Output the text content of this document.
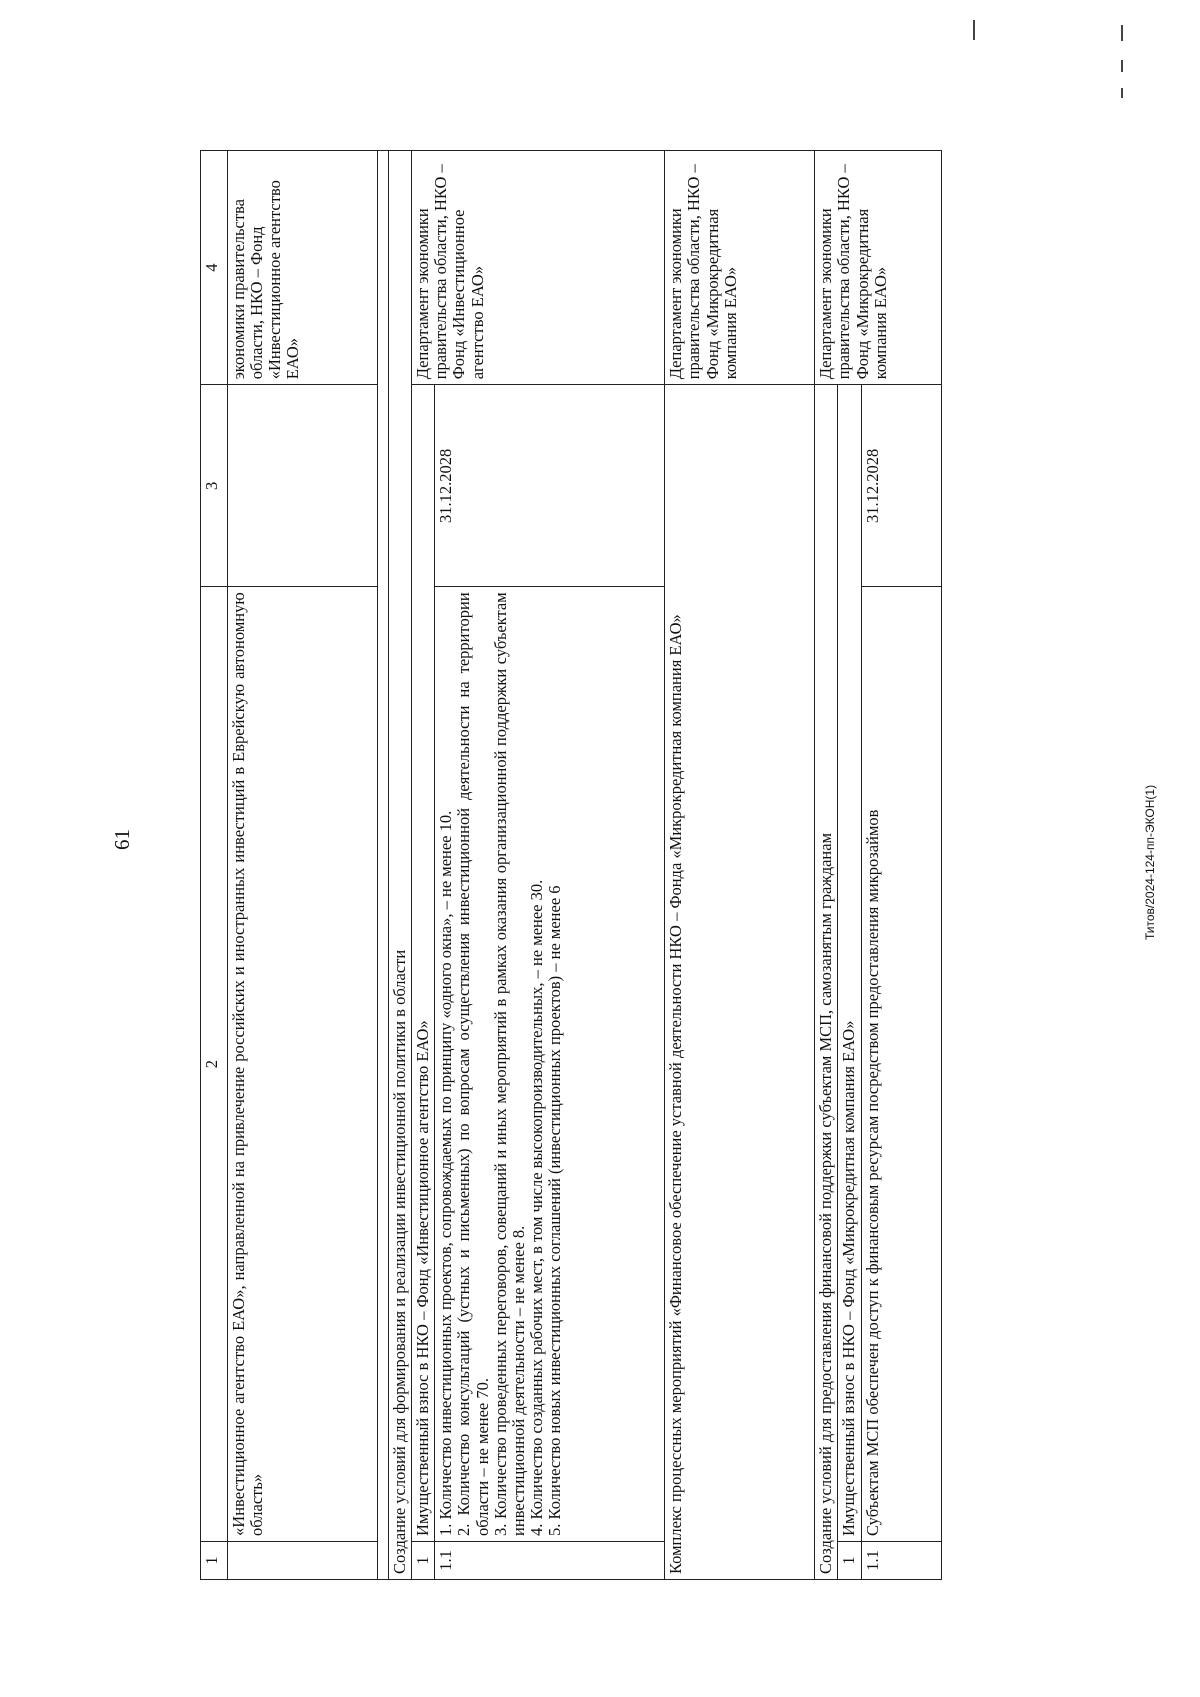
61	Титов/2024-124-пп-ЭКОН(1)
1	2	3	4
	«Инвестиционное агентство ЕАО», направленной на привлечение российских и иностранных инвестиций в Еврейскую автономную область»		экономики правительства области, НКО – Фонд «Инвестиционное агентство ЕАО»

Создание условий для формирования и реализации инвестиционной политики в области			
1	Имущественный взнос в НКО – Фонд «Инвестиционное агентство ЕАО»		Департамент экономики правительства области, НКО – Фонд «Инвестиционное агентство ЕАО»
1.1	1. Количество инвестиционных проектов, сопровождаемых по принципу «одного окна», – не менее 10. 2. Количество консультаций (устных и письменных) по вопросам осуществления инвестиционной деятельности на территории области – не менее 70. 3. Количество проведенных переговоров, совещаний и иных мероприятий в рамках оказания организационной поддержки субъектам инвестиционной деятельности – не менее 8. 4. Количество созданных рабочих мест, в том числе высокопроизводительных, – не менее 30. 5. Количество новых инвестиционных соглашений (инвестиционных проектов) – не менее 6	31.12.2028	
Комплекс процессных мероприятий «Финансовое обеспечение уставной деятельности НКО – Фонда «Микрокредитная компания ЕАО»			Департамент экономики правительства области, НКО – Фонд «Микрокредитная компания ЕАО»
Создание условий для предоставления финансовой поддержки субъектам МСП, самозанятым гражданам			Департамент экономики правительства области, НКО – Фонд «Микрокредитная компания ЕАО»
1	Имущественный взнос в НКО – Фонд «Микрокредитная компания ЕАО»		
1.1	Субъектам МСП обеспечен доступ к финансовым ресурсам посредством предоставления микрозаймов	31.12.2028	
